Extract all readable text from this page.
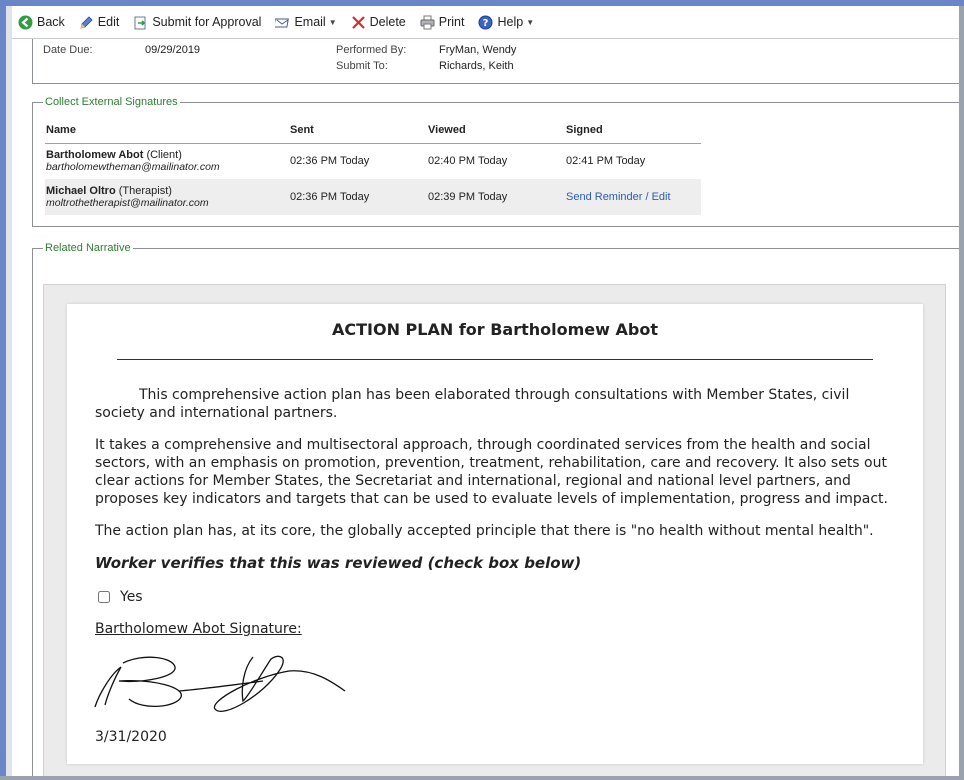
Back	Edit	Submit for Approval	Email ▼	Delete	Print ? Help ▼
Date Due:	09/29/2019	Performed By:	FryMan, Wendy
Submit To:	Richards, Keith
Collect External Signatures
Name	Sent	Viewed	Signed

Bartholomew Abot (Client)
bartholomewtheman@mailinator.com	02:36 PM Today	02:40 PM Today	02:41 PM Today

Michael Oltro (Therapist)
moltrothetherapist@mailinator.com	02:36 PM Today	02:39 PM Today	Send Reminder / Edit
Related Narrative
ACTION PLAN for Bartholomew Abot
This comprehensive action plan has been elaborated through consultations with Member States, civil society and international partners.
It takes a comprehensive and multisectoral approach, through coordinated services from the health and social sectors, with an emphasis on promotion, prevention, treatment, rehabilitation, care and recovery. It also sets out clear actions for Member States, the Secretariat and international, regional and national level partners, and proposes key indicators and targets that can be used to evaluate levels of implementation, progress and impact.
The action plan has, at its core, the globally accepted principle that there is "no health without mental health".
Worker verifies that this was reviewed (check box below)
Yes
Bartholomew Abot Signature:
3/31/2020
